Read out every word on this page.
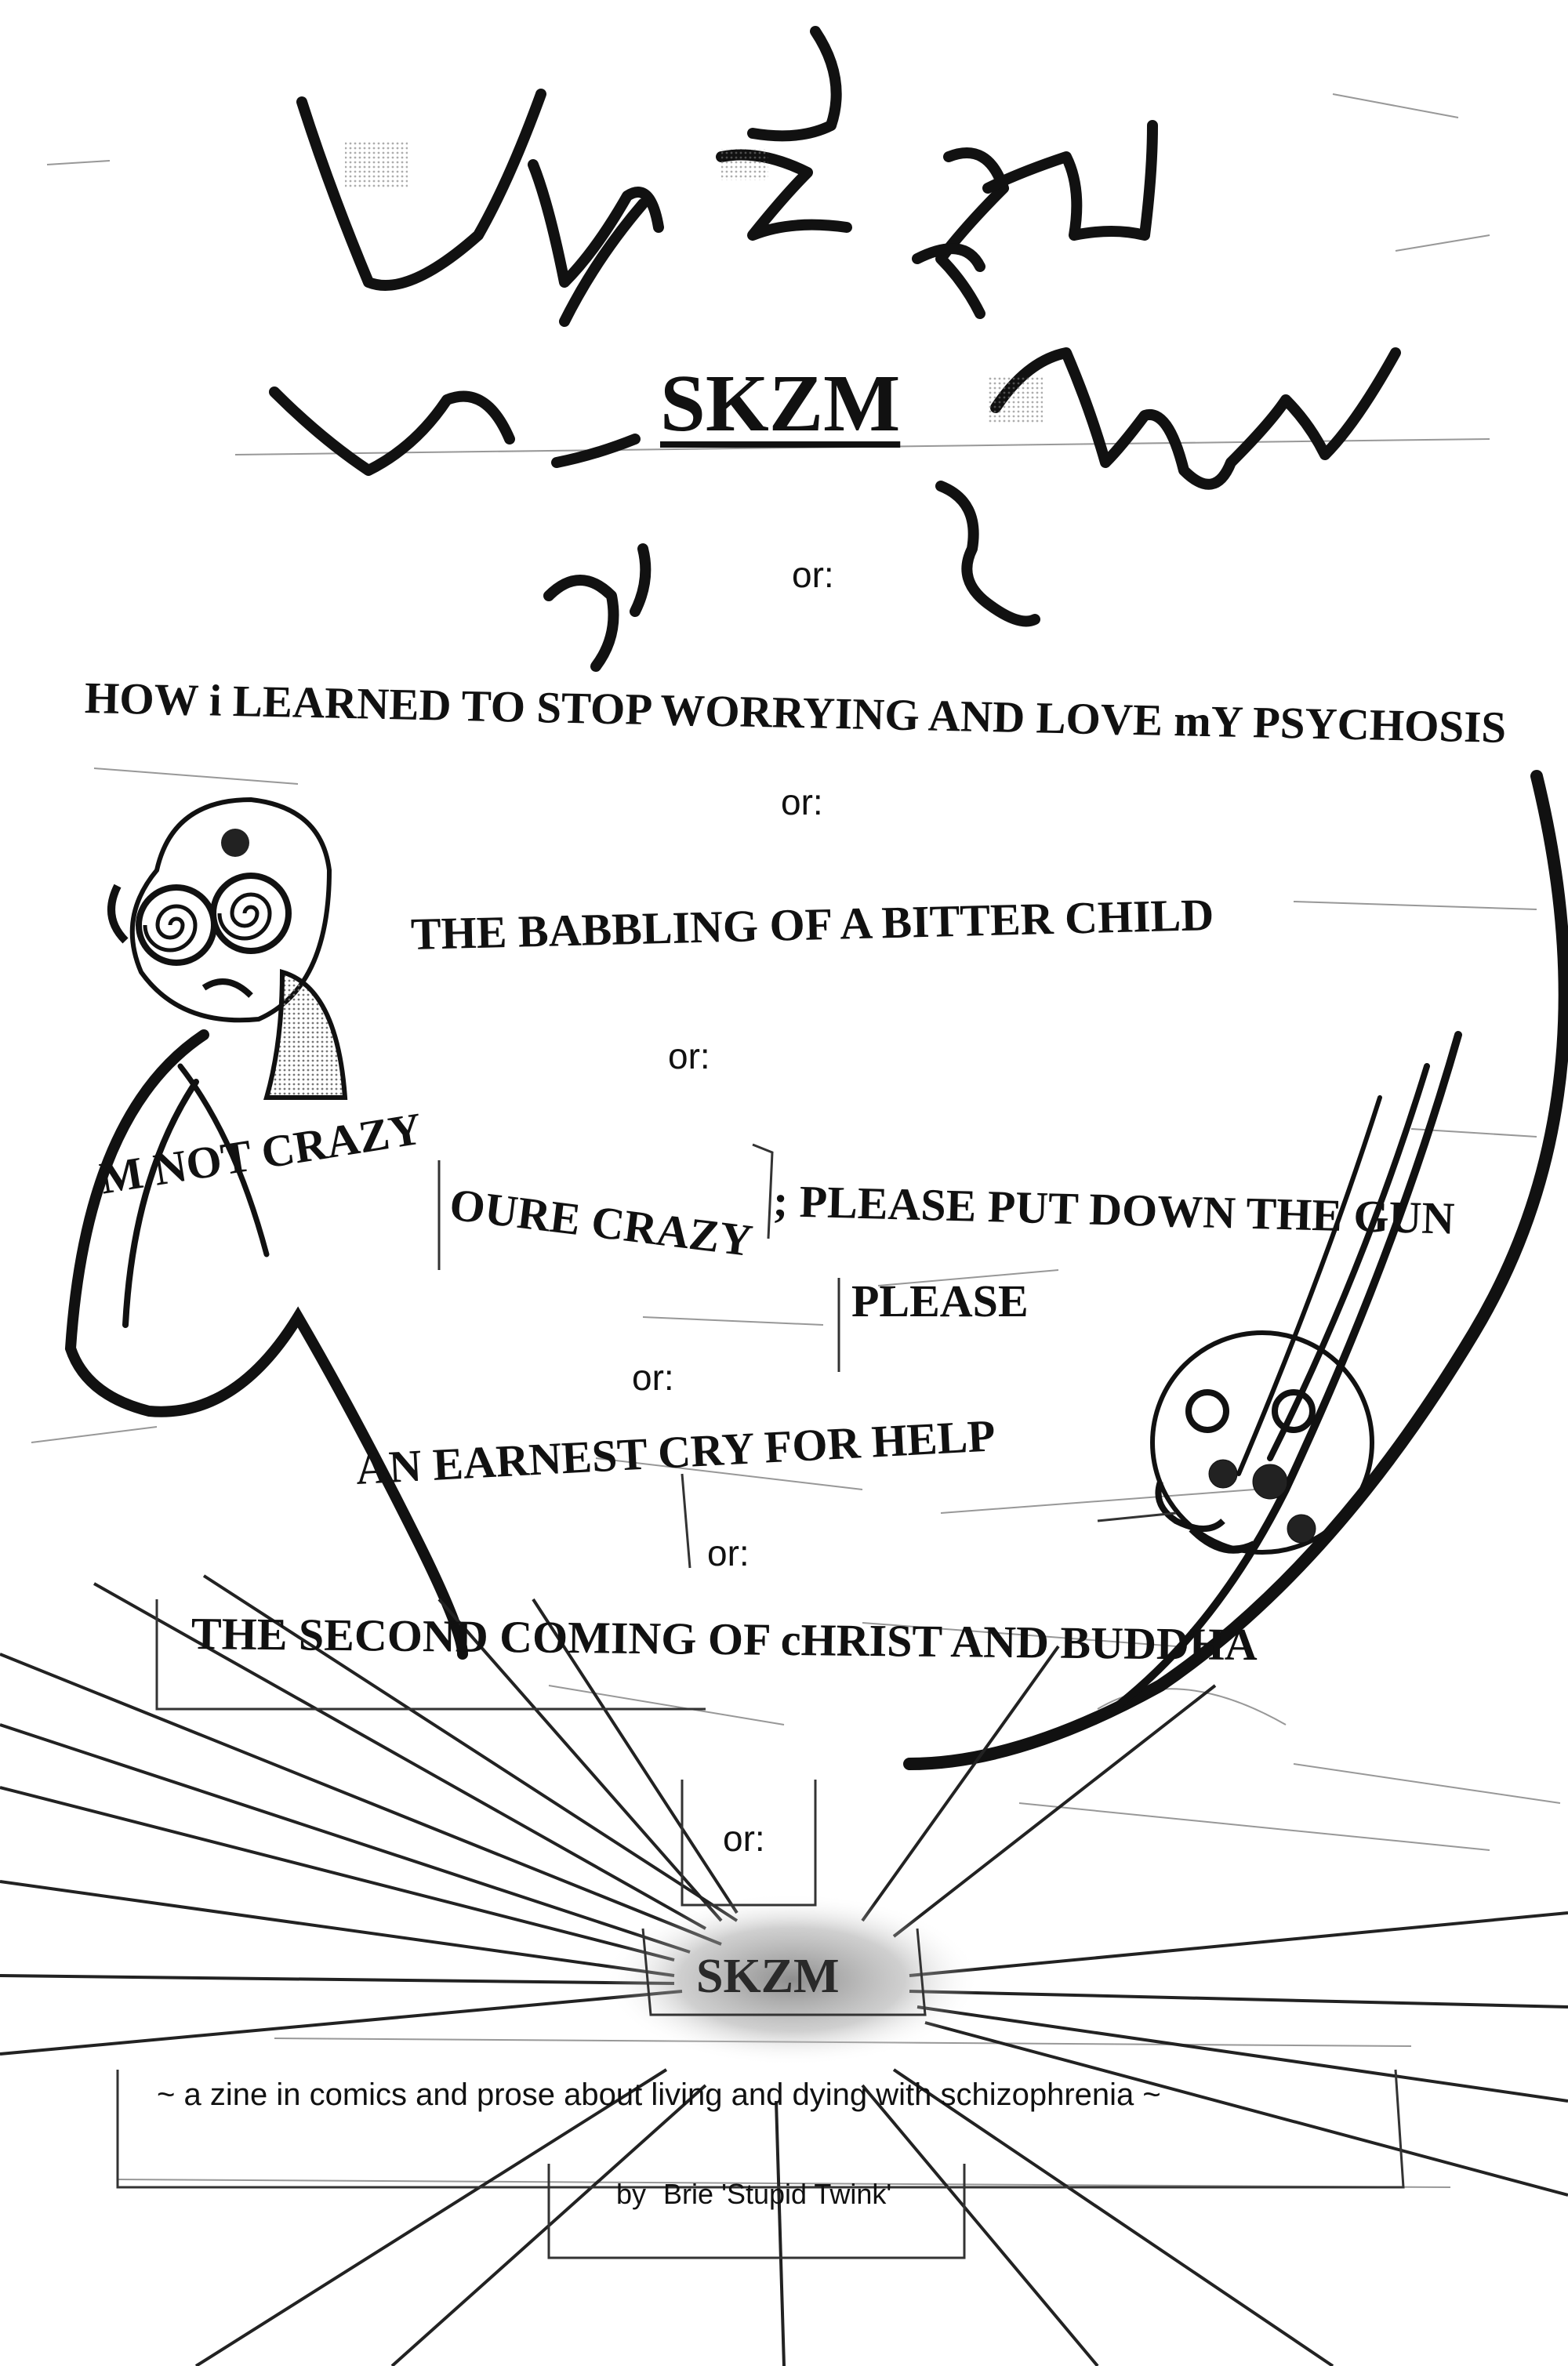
SKZM
or:
HOW i LEARNED TO STOP WORRYING AND LOVE mY PSYCHOSIS
or:
THE BABBLING OF A BITTER CHILD
or:
M NOT CRAZY
OURE CRAZY ; PLEASE PUT DOWN THE GUN
PLEASE
or:
AN EARNEST CRY FOR HELP
or:
THE SECOND COMING OF cHRIST AND BUDDHA
or:
SKZM
~ a zine in comics and prose about living and dying with schizophrenia ~
by Brie 'Stupid Twink'
